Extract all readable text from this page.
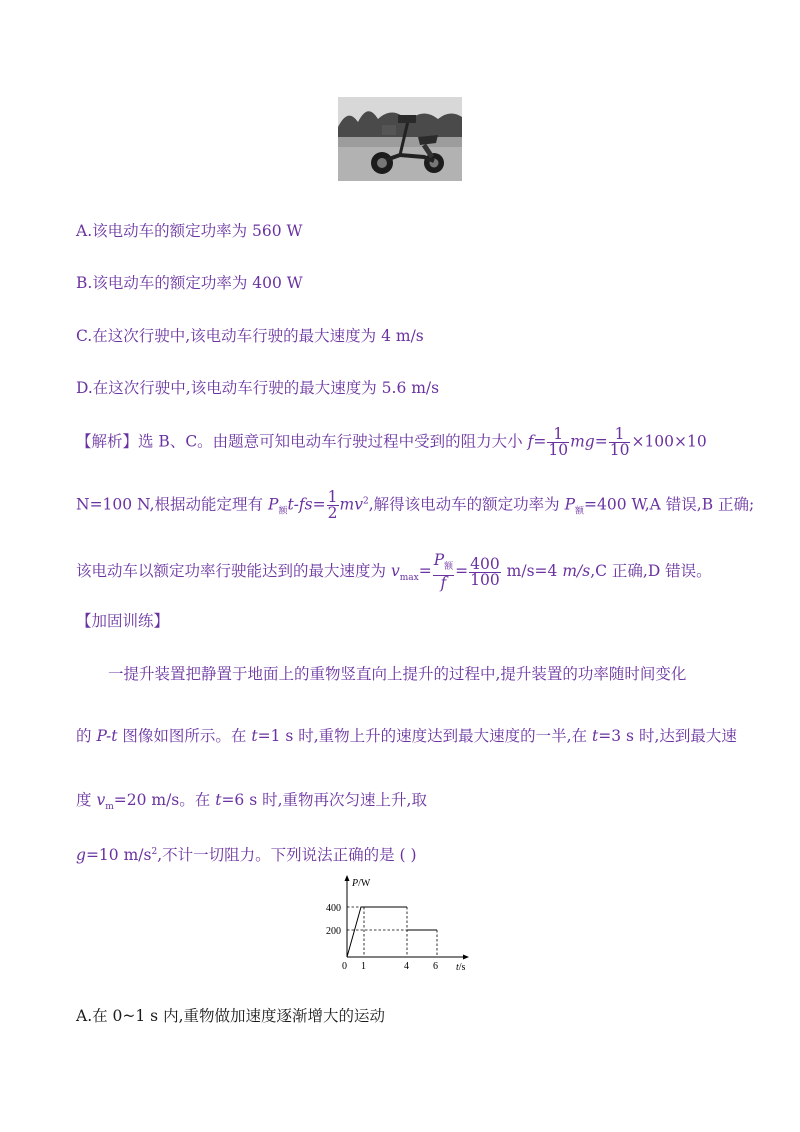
A.该电动车的额定功率为 560 W
B.该电动车的额定功率为 400 W
C.在这次行驶中,该电动车行驶的最大速度为 4 m/s
D.在这次行驶中,该电动车行驶的最大速度为 5.6 m/s
【解析】选 B、C。由题意可知电动车行驶过程中受到的阻力大小 $f= \frac{1}{10} mg= \frac{1}{10} \times 100\times 10$
N=100 N,根据动能定理有 $P_额t-fs= \frac{1}{2} mv^2$,解得该电动车的额定功率为 $P_额=400$ W,A 错误,B 正确;
该电动车以额定功率行驶能达到的最大速度为 $v_{max}= \frac{P_额}{f} = \frac{400}{100} m/s=4$ m/s,C 正确,D 错误。
【加固训练】
一提升装置把静置于地面上的重物竖直向上提升的过程中,提升装置的功率随时间变化
的 P-t 图像如图所示。在 t=1 s 时,重物上升的速度达到最大速度的一半,在 t=3 s 时,达到最大速
度 $v_m=20$ m/s。在 t=6 s 时,重物再次匀速上升,取
g=10 $m/s^2$,不计一切阻力。下列说法正确的是 ( )
P/W
t/s
400
200
0 1	4 6
A.在 0~1 s 内,重物做加速度逐渐增大的运动
